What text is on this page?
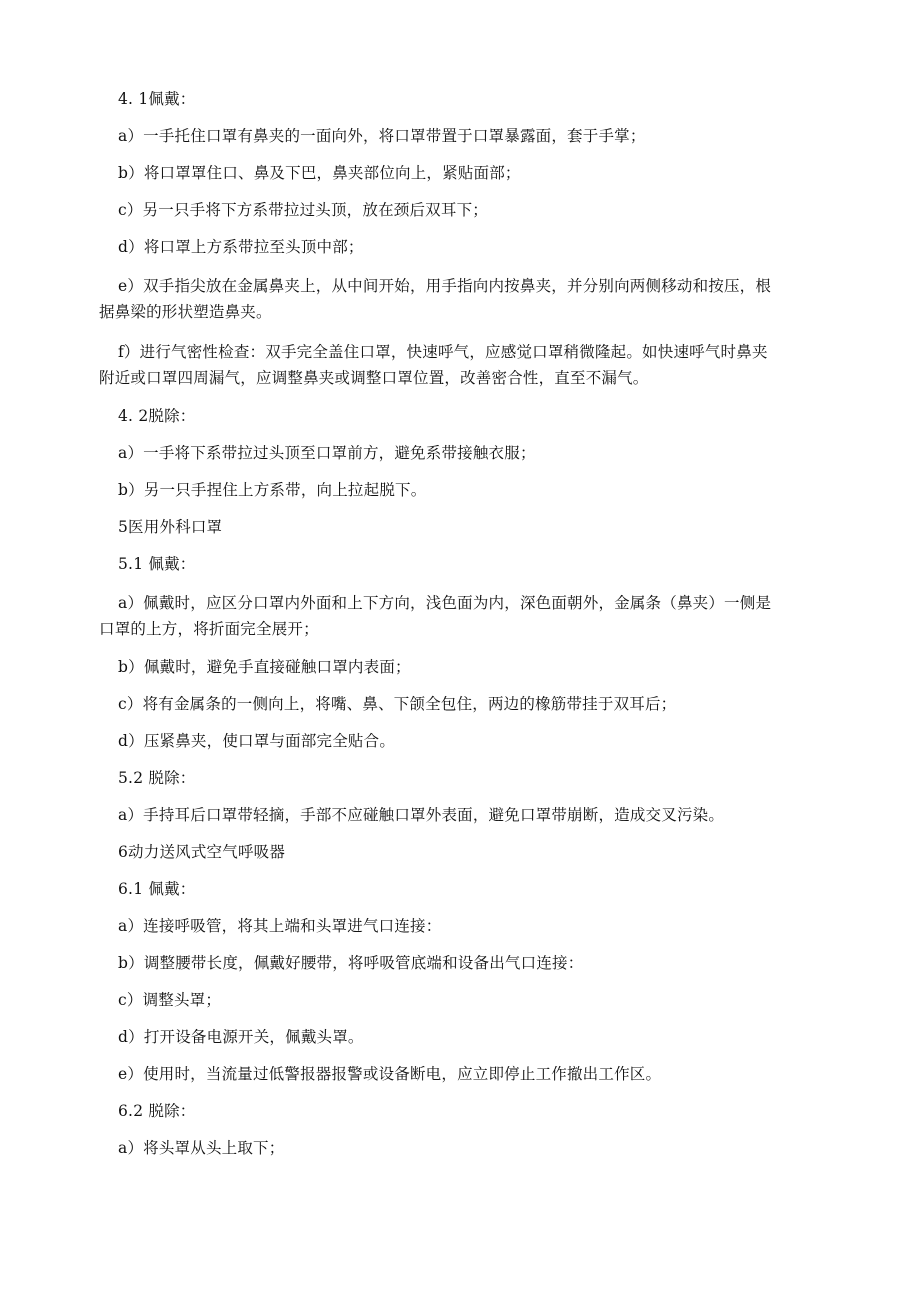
4. 1佩戴：

a）一手托住口罩有鼻夹的一面向外，将口罩带置于口罩暴露面，套于手掌；

b）将口罩罩住口、鼻及下巴，鼻夹部位向上，紧贴面部；

c）另一只手将下方系带拉过头顶，放在颈后双耳下；

d）将口罩上方系带拉至头顶中部；

e）双手指尖放在金属鼻夹上，从中间开始，用手指向内按鼻夹，并分别向两侧移动和按压，根
据鼻梁的形状塑造鼻夹。
f）进行气密性检查：双手完全盖住口罩，快速呼气，应感觉口罩稍微隆起。如快速呼气时鼻夹
附近或口罩四周漏气，应调整鼻夹或调整口罩位置，改善密合性，直至不漏气。

4. 2脱除：

a）一手将下系带拉过头顶至口罩前方，避免系带接触衣服；

b）另一只手捏住上方系带，向上拉起脱下。

5医用外科口罩

5.1 佩戴：

a）佩戴时，应区分口罩内外面和上下方向，浅色面为内，深色面朝外，金属条（鼻夹）一侧是
口罩的上方，将折面完全展开；

b）佩戴时，避免手直接碰触口罩内表面；

c）将有金属条的一侧向上，将嘴、鼻、下颌全包住，两边的橡筋带挂于双耳后；

d）压紧鼻夹，使口罩与面部完全贴合。

5.2 脱除：

a）手持耳后口罩带轻摘，手部不应碰触口罩外表面，避免口罩带崩断，造成交叉污染。

6动力送风式空气呼吸器

6.1 佩戴：

a）连接呼吸管，将其上端和头罩进气口连接：

b）调整腰带长度，佩戴好腰带，将呼吸管底端和设备出气口连接：

c）调整头罩；

d）打开设备电源开关，佩戴头罩。

e）使用时，当流量过低警报器报警或设备断电，应立即停止工作撤出工作区。

6.2 脱除：

a）将头罩从头上取下；
